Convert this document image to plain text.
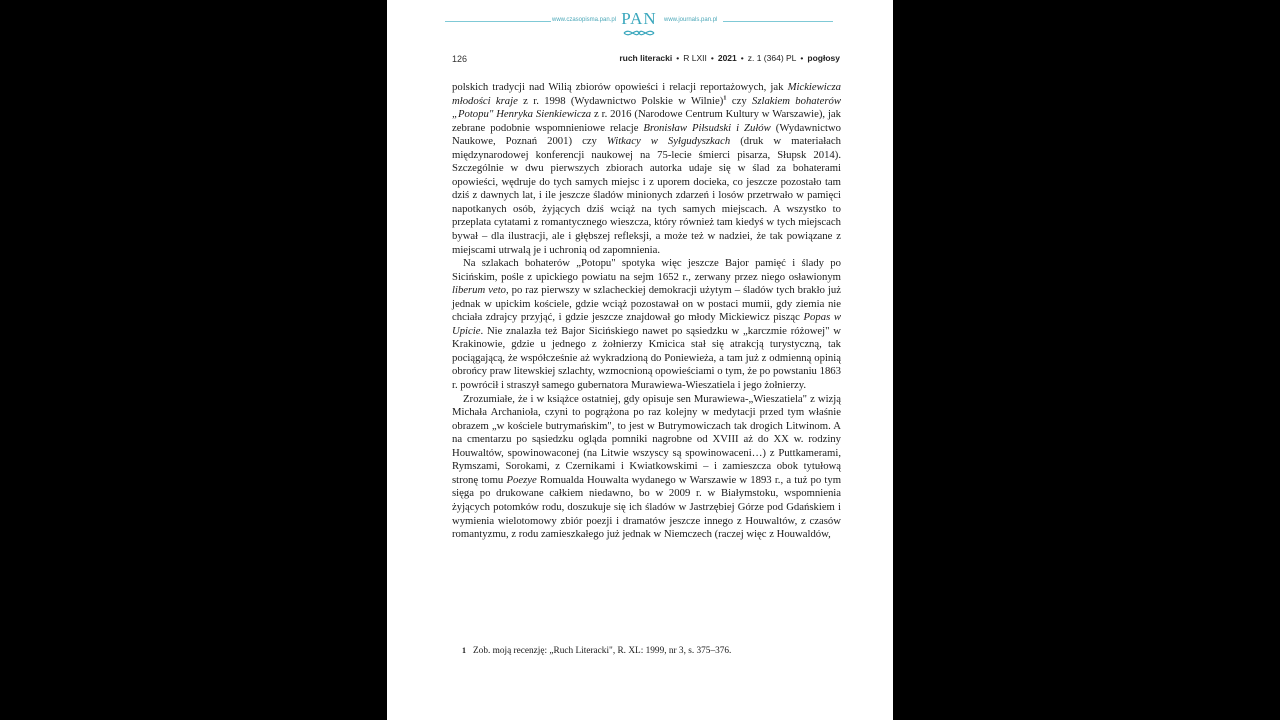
www.czasopisma.pan.pl PAN www.journals.pan.pl
126	ruch literacki • R LXII • 2021 • z. 1 (364) PL • pogłosy

polskich tradycji nad Wilią zbiorów opowieści i relacji reportażowych, jak Mickiewicza młodości kraje z r. 1998 (Wydawnictwo Polskie w Wilnie)$^1$ czy Szlakiem bohaterów „Potopu" Henryka Sienkiewicza z r. 2016 (Narodowe Centrum Kultury w Warszawie), jak zebrane podobnie wspomnieniowe relacje Bronisław Piłsudski i Zułów (Wydawnictwo Naukowe, Poznań 2001) czy Witkacy w Syłgudyszkach (druk w materiałach międzynarodowej konferencji naukowej na 75-lecie śmierci pisarza, Słupsk 2014). Szczególnie w dwu pierwszych zbiorach autorka udaje się w ślad za bohaterami opowieści, wędruje do tych samych miejsc i z uporem docieka, co jeszcze pozostało tam dziś z dawnych lat, i ile jeszcze śladów minionych zdarzeń i losów przetrwało w pamięci napotkanych osób, żyjących dziś wciąż na tych samych miejscach. A wszystko to przeplata cytatami z romantycznego wieszcza, który również tam kiedyś w tych miejscach bywał – dla ilustracji, ale i głębszej refleksji, a może też w nadziei, że tak powiązane z miejscami utrwalą je i uchronią od zapomnienia.

Na szlakach bohaterów „Potopu" spotyka więc jeszcze Bajor pamięć i ślady po Sicińskim, pośle z upickiego powiatu na sejm 1652 r., zerwany przez niego osławionym liberum veto, po raz pierwszy w szlacheckiej demokracji użytym – śladów tych brakło już jednak w upickim kościele, gdzie wciąż pozostawał on w postaci mumii, gdy ziemia nie chciała zdrajcy przyjąć, i gdzie jeszcze znajdował go młody Mickiewicz pisząc Popas w Upicie. Nie znalazła też Bajor Sicińskiego nawet po sąsiedzku w „karczmie różowej" w Krakinowie, gdzie u jednego z żołnierzy Kmicica stał się atrakcją turystyczną, tak pociągającą, że współcześnie aż wykradzioną do Poniewieża, a tam już z odmienną opinią obrońcy praw litewskiej szlachty, wzmocnioną opowieściami o tym, że po powstaniu 1863 r. powrócił i straszył samego gubernatora Murawiewa-Wieszatiela i jego żołnierzy.

Zrozumiałe, że i w książce ostatniej, gdy opisuje sen Murawiewa-„Wieszatiela" z wizją Michała Archanioła, czyni to pogrążona po raz kolejny w medytacji przed tym właśnie obrazem „w kościele butrymańskim", to jest w Butrymowiczach tak drogich Litwinom. A na cmentarzu po sąsiedzku ogląda pomniki nagrobne od XVIII aż do XX w. rodziny Houwaltów, spowinowaconej (na Litwie wszyscy są spowinowaceni…) z Puttkamerami, Rymszami, Sorokami, z Czernikami i Kwiatkowskimi – i zamieszcza obok tytułową stronę tomu Poezye Romualda Houwalta wydanego w Warszawie w 1893 r., a tuż po tym sięga po drukowane całkiem niedawno, bo w 2009 r. w Białymstoku, wspomnienia żyjących potomków rodu, doszukuje się ich śladów w Jastrzębiej Górze pod Gdańskiem i wymienia wielotomowy zbiór poezji i dramatów jeszcze innego z Houwaltów, z czasów romantyzmu, z rodu zamieszkałego już jednak w Niemczech (raczej więc z Houwaldów,

1 Zob. moją recenzję: „Ruch Literacki", R. XL: 1999, nr 3, s. 375–376.
